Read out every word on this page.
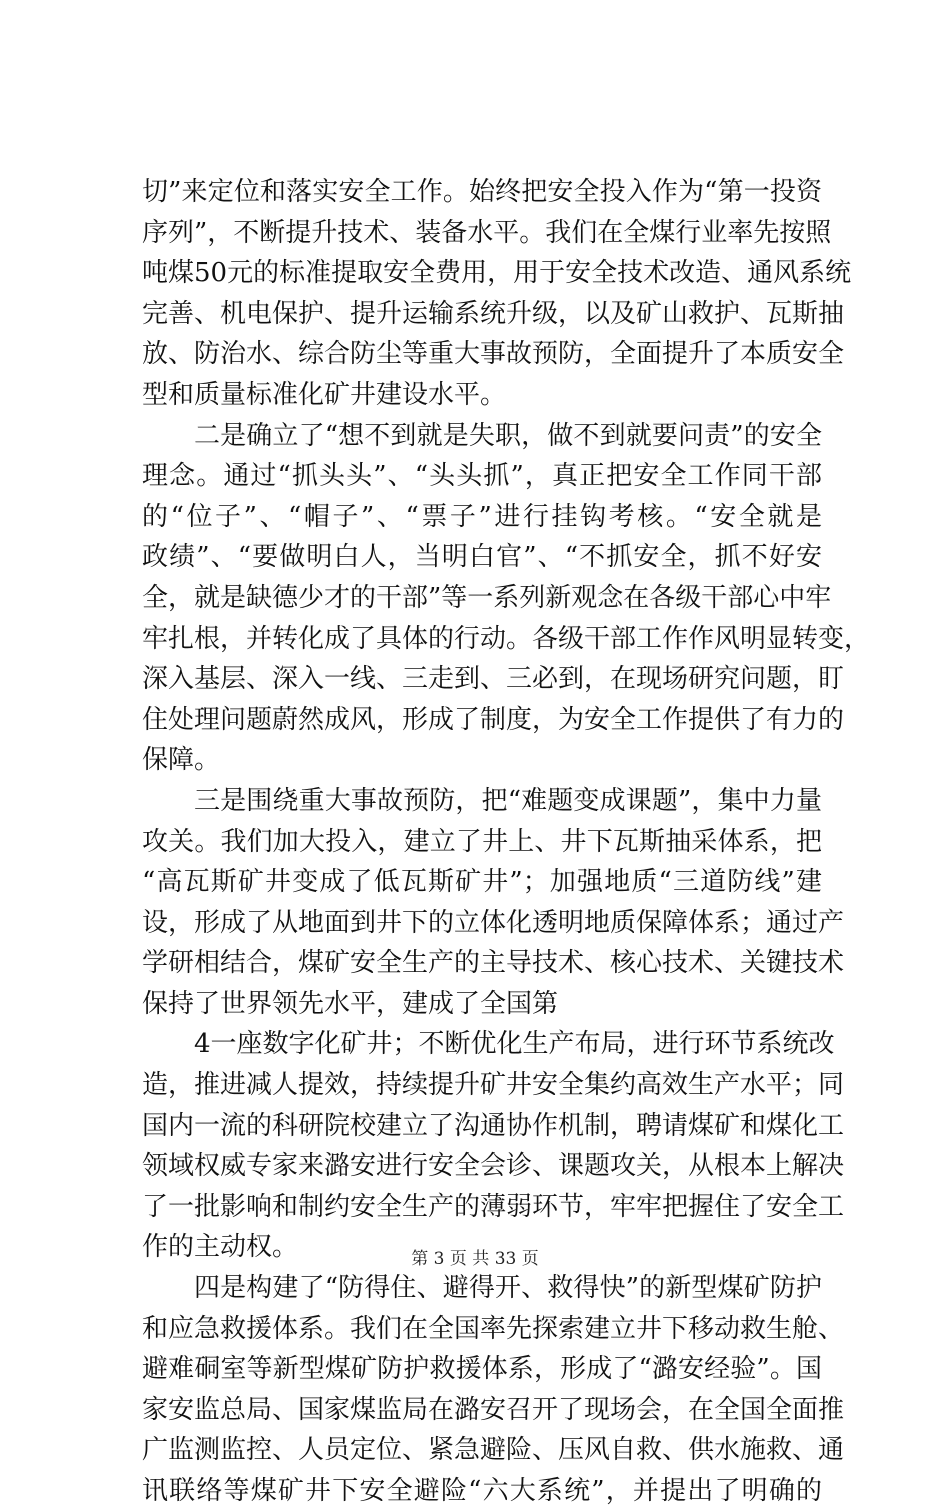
切”来定位和落实安全工作。始终把安全投入作为“第一投资
序列”，不断提升技术、装备水平。我们在全煤行业率先按照
吨煤50元的标准提取安全费用，用于安全技术改造、通风系统
完善、机电保护、提升运输系统升级，以及矿山救护、瓦斯抽
放、防治水、综合防尘等重大事故预防，全面提升了本质安全
型和质量标准化矿井建设水平。
二是确立了“想不到就是失职，做不到就要问责”的安全
理念。通过“抓头头”、“头头抓”，真正把安全工作同干部
的“位子”、“帽子”、“票子”进行挂钩考核。“安全就是
政绩”、“要做明白人，当明白官”、“不抓安全，抓不好安
全，就是缺德少才的干部”等一系列新观念在各级干部心中牢
牢扎根，并转化成了具体的行动。各级干部工作作风明显转变，
深入基层、深入一线、三走到、三必到，在现场研究问题，盯
住处理问题蔚然成风，形成了制度，为安全工作提供了有力的
保障。
三是围绕重大事故预防，把“难题变成课题”，集中力量
攻关。我们加大投入，建立了井上、井下瓦斯抽采体系，把
“高瓦斯矿井变成了低瓦斯矿井”；加强地质“三道防线”建
设，形成了从地面到井下的立体化透明地质保障体系；通过产
学研相结合，煤矿安全生产的主导技术、核心技术、关键技术
保持了世界领先水平，建成了全国第
4一座数字化矿井；不断优化生产布局，进行环节系统改
造，推进减人提效，持续提升矿井安全集约高效生产水平；同
国内一流的科研院校建立了沟通协作机制，聘请煤矿和煤化工
领域权威专家来潞安进行安全会诊、课题攻关，从根本上解决
了一批影响和制约安全生产的薄弱环节，牢牢把握住了安全工
作的主动权。
四是构建了“防得住、避得开、救得快”的新型煤矿防护
和应急救援体系。我们在全国率先探索建立井下移动救生舱、
避难硐室等新型煤矿防护救援体系，形成了“潞安经验”。国
家安监总局、国家煤监局在潞安召开了现场会，在全国全面推
广监测监控、人员定位、紧急避险、压风自救、供水施救、通
讯联络等煤矿井下安全避险“六大系统”，并提出了明确的
第 3 页 共 33 页
